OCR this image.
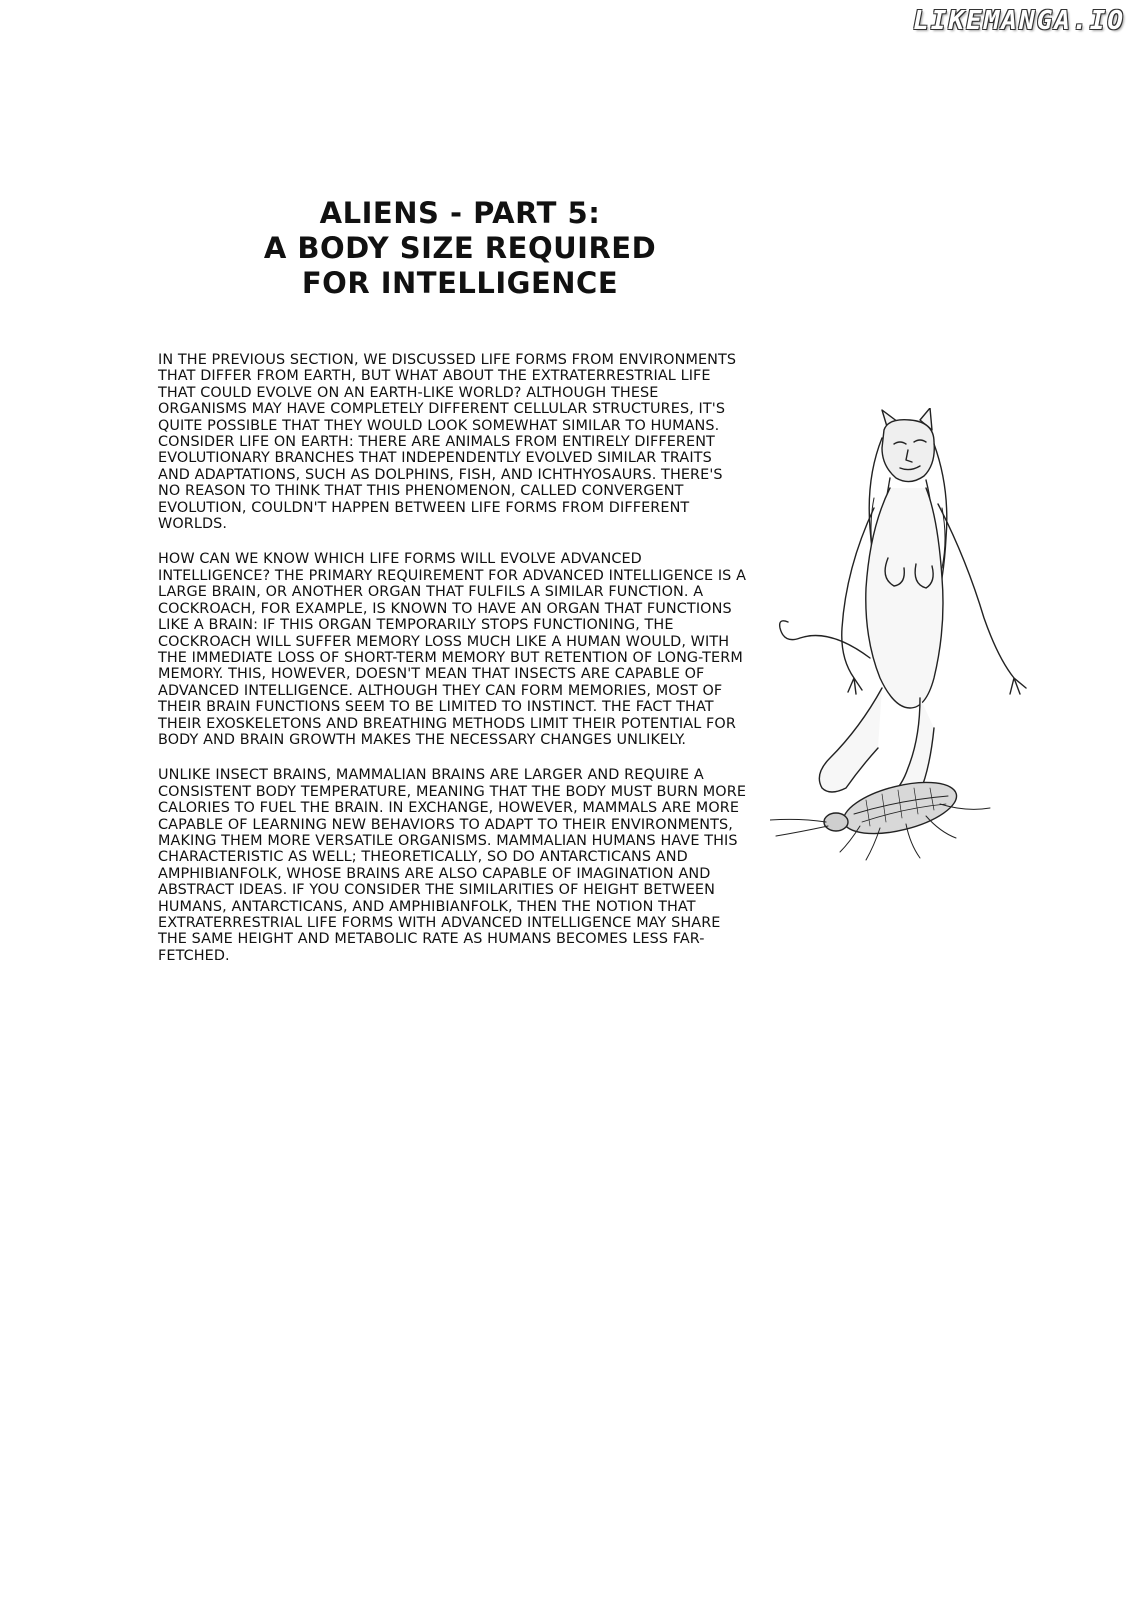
LIKEMANGA.IO
ALIENS - PART 5:
A BODY SIZE REQUIRED
FOR INTELLIGENCE

IN THE PREVIOUS SECTION, WE DISCUSSED LIFE FORMS FROM ENVIRONMENTS THAT DIFFER FROM EARTH, BUT WHAT ABOUT THE EXTRATERRESTRIAL LIFE THAT COULD EVOLVE ON AN EARTH-LIKE WORLD? ALTHOUGH THESE ORGANISMS MAY HAVE COMPLETELY DIFFERENT CELLULAR STRUCTURES, IT'S QUITE POSSIBLE THAT THEY WOULD LOOK SOMEWHAT SIMILAR TO HUMANS. CONSIDER LIFE ON EARTH: THERE ARE ANIMALS FROM ENTIRELY DIFFERENT EVOLUTIONARY BRANCHES THAT INDEPENDENTLY EVOLVED SIMILAR TRAITS AND ADAPTATIONS, SUCH AS DOLPHINS, FISH, AND ICHTHYOSAURS. THERE'S NO REASON TO THINK THAT THIS PHENOMENON, CALLED CONVERGENT EVOLUTION, COULDN'T HAPPEN BETWEEN LIFE FORMS FROM DIFFERENT WORLDS.

HOW CAN WE KNOW WHICH LIFE FORMS WILL EVOLVE ADVANCED INTELLIGENCE? THE PRIMARY REQUIREMENT FOR ADVANCED INTELLIGENCE IS A LARGE BRAIN, OR ANOTHER ORGAN THAT FULFILS A SIMILAR FUNCTION. A COCKROACH, FOR EXAMPLE, IS KNOWN TO HAVE AN ORGAN THAT FUNCTIONS LIKE A BRAIN: IF THIS ORGAN TEMPORARILY STOPS FUNCTIONING, THE COCKROACH WILL SUFFER MEMORY LOSS MUCH LIKE A HUMAN WOULD, WITH THE IMMEDIATE LOSS OF SHORT-TERM MEMORY BUT RETENTION OF LONG-TERM MEMORY. THIS, HOWEVER, DOESN'T MEAN THAT INSECTS ARE CAPABLE OF ADVANCED INTELLIGENCE. ALTHOUGH THEY CAN FORM MEMORIES, MOST OF THEIR BRAIN FUNCTIONS SEEM TO BE LIMITED TO INSTINCT. THE FACT THAT THEIR EXOSKELETONS AND BREATHING METHODS LIMIT THEIR POTENTIAL FOR BODY AND BRAIN GROWTH MAKES THE NECESSARY CHANGES UNLIKELY.

UNLIKE INSECT BRAINS, MAMMALIAN BRAINS ARE LARGER AND REQUIRE A CONSISTENT BODY TEMPERATURE, MEANING THAT THE BODY MUST BURN MORE CALORIES TO FUEL THE BRAIN. IN EXCHANGE, HOWEVER, MAMMALS ARE MORE CAPABLE OF LEARNING NEW BEHAVIORS TO ADAPT TO THEIR ENVIRONMENTS, MAKING THEM MORE VERSATILE ORGANISMS. MAMMALIAN HUMANS HAVE THIS CHARACTERISTIC AS WELL; THEORETICALLY, SO DO ANTARCTICANS AND AMPHIBIANFOLK, WHOSE BRAINS ARE ALSO CAPABLE OF IMAGINATION AND ABSTRACT IDEAS. IF YOU CONSIDER THE SIMILARITIES OF HEIGHT BETWEEN HUMANS, ANTARCTICANS, AND AMPHIBIANFOLK, THEN THE NOTION THAT EXTRATERRESTRIAL LIFE FORMS WITH ADVANCED INTELLIGENCE MAY SHARE THE SAME HEIGHT AND METABOLIC RATE AS HUMANS BECOMES LESS FAR-FETCHED.
